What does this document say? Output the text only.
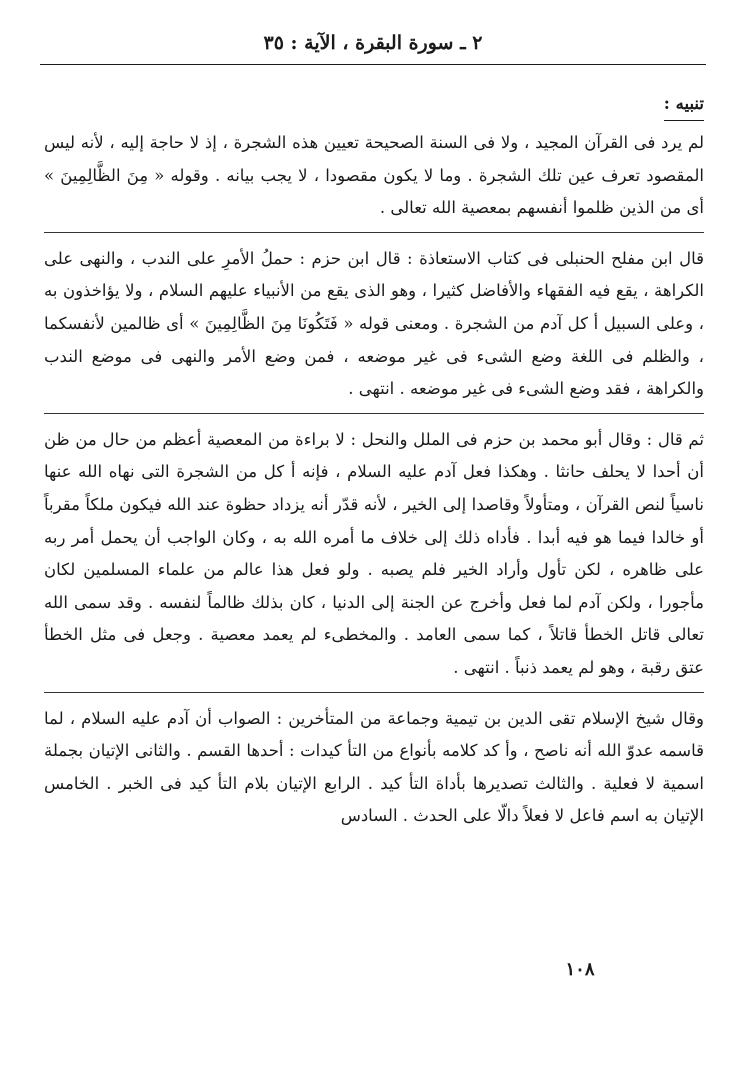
٢ ـ سورة البقرة ، الآية : ٣٥
تنبيه :

لم يرد فى القرآن المجيد ، ولا فى السنة الصحيحة تعيين هذه الشجرة ، إذ لا حاجة إليه ، لأنه ليس المقصود تعرف عين تلك الشجرة . وما لا يكون مقصودا ، لا يجب بيانه . وقوله « مِنَ الظَّالِمِينَ » أى من الذين ظلموا أنفسهم بمعصية الله تعالى .

قال ابن مفلح الحنبلى فى كتاب الاستعاذة : قال ابن حزم : حملُ الأمرِ على الندب ، والنهى على الكراهة ، يقع فيه الفقهاء والأفاضل كثيرا ، وهو الذى يقع من الأنبياء عليهم السلام ، ولا يؤاخذون به ، وعلى السبيل أ كل آدم من الشجرة . ومعنى قوله « فَتَكُونَا مِنَ الظَّالِمِينَ » أى ظالمين لأنفسكما ، والظلم فى اللغة وضع الشىء فى غير موضعه ، فمن وضع الأمر والنهى فى موضع الندب والكراهة ، فقد وضع الشىء فى غير موضعه . انتهى .

ثم قال : وقال أبو محمد بن حزم فى الملل والنحل : لا براءة من المعصية أعظم من حال من ظن أن أحدا لا يحلف حانثا . وهكذا فعل آدم عليه السلام ، فإنه أ كل من الشجرة التى نهاه الله عنها ناسياً لنص القرآن ، ومتأولاً وقاصدا إلى الخير ، لأنه قدّر أنه يزداد حظوة عند الله فيكون ملكاً مقرباً أو خالدا فيما هو فيه أبدا . فأداه ذلك إلى خلاف ما أمره الله به ، وكان الواجب أن يحمل أمر ربه على ظاهره ، لكن تأول وأراد الخير فلم يصبه . ولو فعل هذا عالم من علماء المسلمين لكان مأجورا ، ولكن آدم لما فعل وأخرج عن الجنة إلى الدنيا ، كان بذلك ظالماً لنفسه . وقد سمى الله تعالى قاتل الخطأ قاتلاً ، كما سمى العامد . والمخطىء لم يعمد معصية . وجعل فى مثل الخطأ عتق رقبة ، وهو لم يعمد ذنباً . انتهى .

وقال شيخ الإسلام تقى الدين بن تيمية وجماعة من المتأخرين : الصواب أن آدم عليه السلام ، لما قاسمه عدوّ الله أنه ناصح ، وأ كد كلامه بأنواع من التأ كيدات : أحدها القسم . والثانى الإتيان بجملة اسمية لا فعلية . والثالث تصديرها بأداة التأ كيد . الرابع الإتيان بلام التأ كيد فى الخبر . الخامس الإتيان به اسم فاعل لا فعلاً دالّا على الحدث . السادس

١٠٨
